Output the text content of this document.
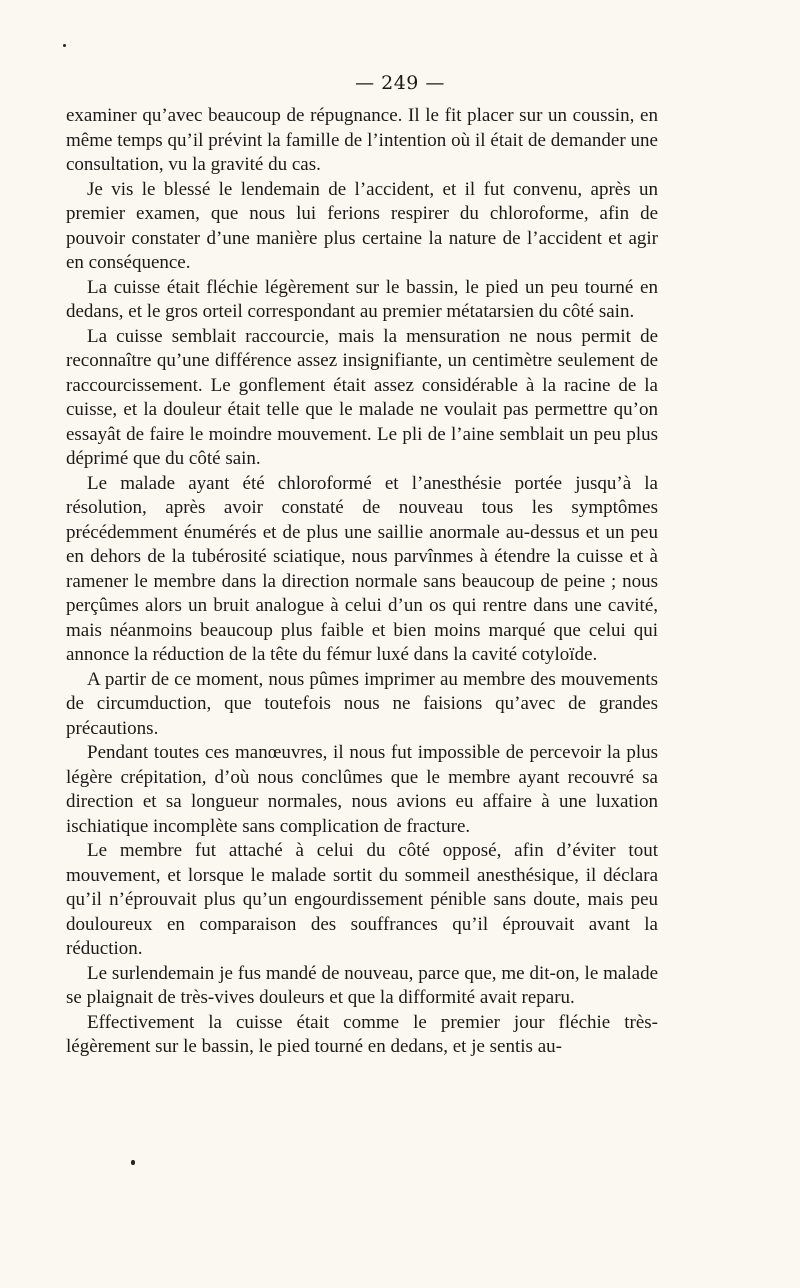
— 249 —

examiner qu’avec beaucoup de répugnance. Il le fit placer sur un coussin, en même temps qu’il prévint la famille de l’intention où il était de demander une consultation, vu la gravité du cas.

Je vis le blessé le lendemain de l’accident, et il fut convenu, après un premier examen, que nous lui ferions respirer du chloroforme, afin de pouvoir constater d’une manière plus certaine la nature de l’accident et agir en conséquence.

La cuisse était fléchie légèrement sur le bassin, le pied un peu tourné en dedans, et le gros orteil correspondant au premier métatarsien du côté sain.

La cuisse semblait raccourcie, mais la mensuration ne nous permit de reconnaître qu’une différence assez insignifiante, un centimètre seulement de raccourcissement. Le gonflement était assez considérable à la racine de la cuisse, et la douleur était telle que le malade ne voulait pas permettre qu’on essayât de faire le moindre mouvement. Le pli de l’aine semblait un peu plus déprimé que du côté sain.

Le malade ayant été chloroformé et l’anesthésie portée jusqu’à la résolution, après avoir constaté de nouveau tous les symptômes précédemment énumérés et de plus une saillie anormale au-dessus et un peu en dehors de la tubérosité sciatique, nous parvînmes à étendre la cuisse et à ramener le membre dans la direction normale sans beaucoup de peine ; nous perçûmes alors un bruit analogue à celui d’un os qui rentre dans une cavité, mais néanmoins beaucoup plus faible et bien moins marqué que celui qui annonce la réduction de la tête du fémur luxé dans la cavité cotyloïde.

A partir de ce moment, nous pûmes imprimer au membre des mouvements de circumduction, que toutefois nous ne faisions qu’avec de grandes précautions.

Pendant toutes ces manœuvres, il nous fut impossible de percevoir la plus légère crépitation, d’où nous conclûmes que le membre ayant recouvré sa direction et sa longueur normales, nous avions eu affaire à une luxation ischiatique incomplète sans complication de fracture.

Le membre fut attaché à celui du côté opposé, afin d’éviter tout mouvement, et lorsque le malade sortit du sommeil anesthésique, il déclara qu’il n’éprouvait plus qu’un engourdissement pénible sans doute, mais peu douloureux en comparaison des souffrances qu’il éprouvait avant la réduction.

Le surlendemain je fus mandé de nouveau, parce que, me dit-on, le malade se plaignait de très-vives douleurs et que la difformité avait reparu.

Effectivement la cuisse était comme le premier jour fléchie très-légèrement sur le bassin, le pied tourné en dedans, et je sentis au-
